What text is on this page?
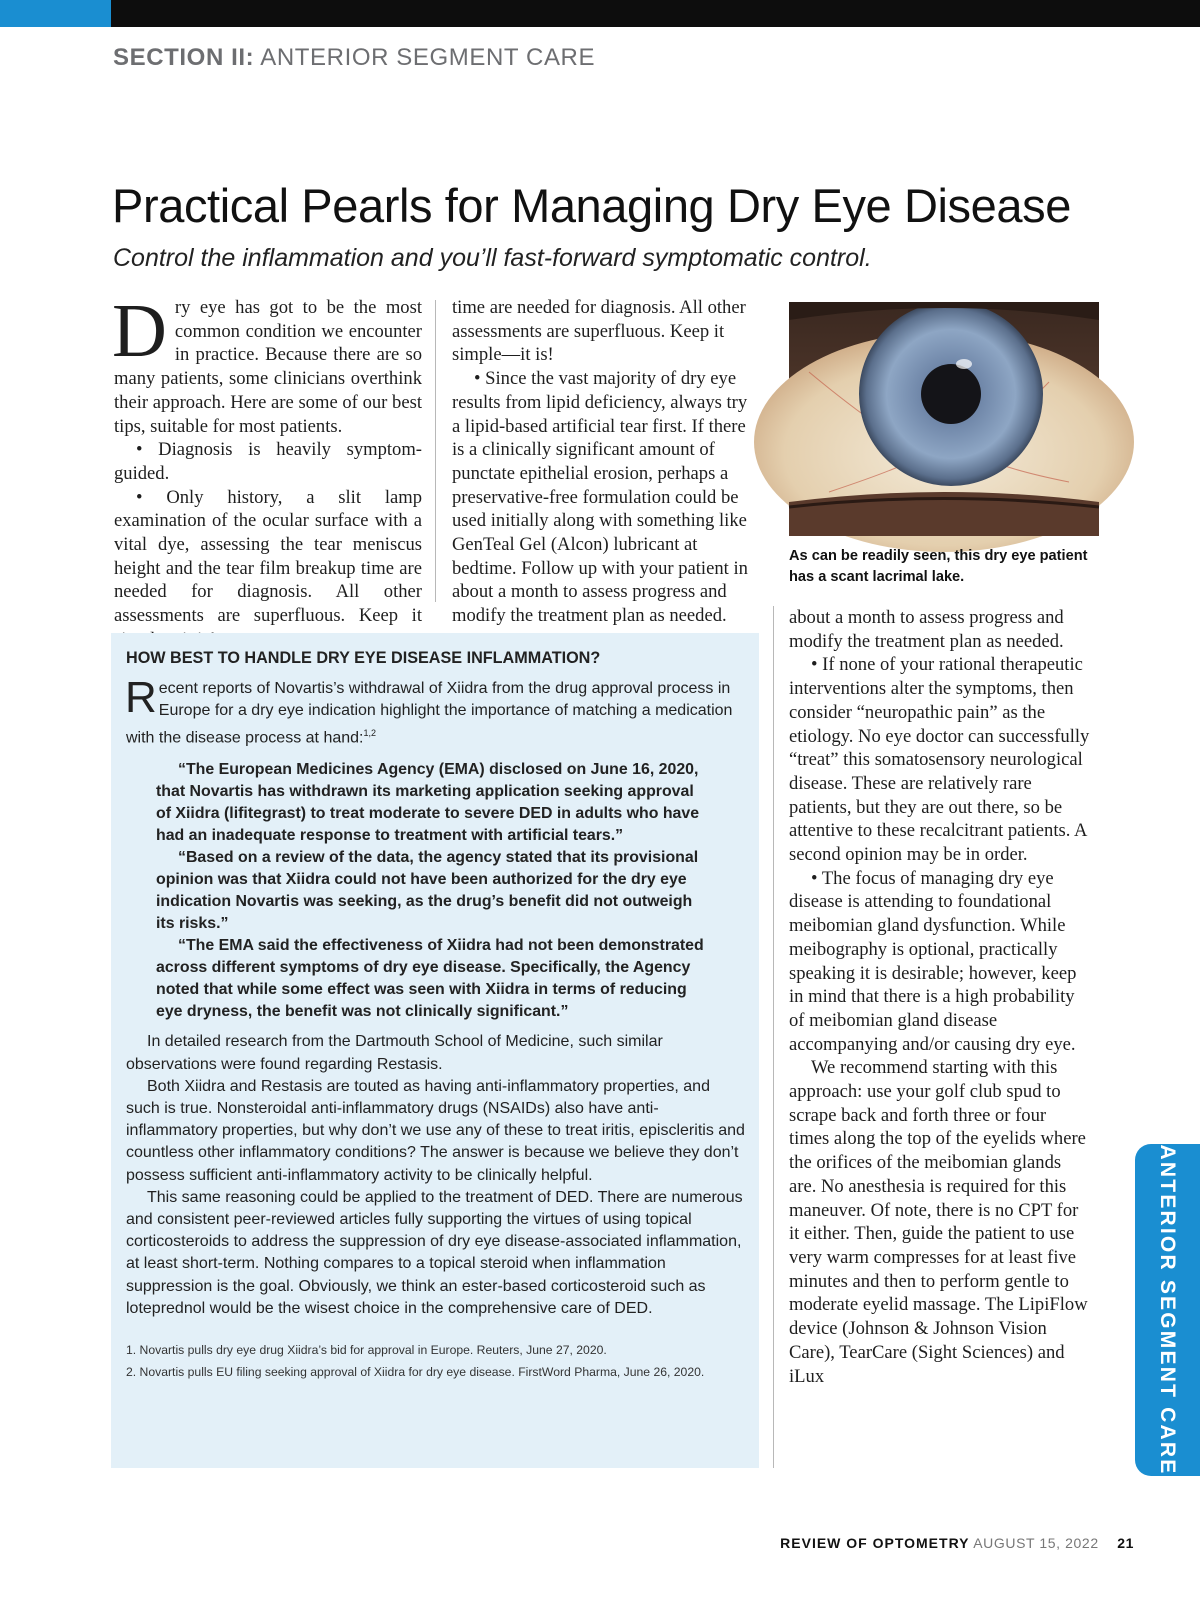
SECTION II: ANTERIOR SEGMENT CARE
Practical Pearls for Managing Dry Eye Disease
Control the inflammation and you’ll fast-forward symptomatic control.

Dry eye has got to be the most common condition we encounter in practice. Because there are so many patients, some clinicians overthink their approach. Here are some of our best tips, suitable for most patients.

• Diagnosis is heavily symptom-guided.

• Only history, a slit lamp examination of the ocular surface with a vital dye, assessing the tear meniscus height and the tear film breakup time are needed for diagnosis. All other assessments are superfluous. Keep it

time are needed for diagnosis. All other assessments are superfluous. Keep it simple—it is!

• Since the vast majority of dry eye results from lipid deficiency, always try a lipid-based artificial tear first. If there is a clinically significant amount of punctate epithelial erosion, perhaps a preservative-free formulation could be used initially along with something like GenTeal Gel (Alcon) lubricant at bedtime. Follow up with your patient in about a month to assess progress and modify the treatment plan as needed.

As can be readily seen, this dry eye patient has a scant lacrimal lake.

about a month to assess progress and modify the treatment plan as needed.

• If none of your rational therapeutic interventions alter the symptoms, then consider “neuropathic pain” as the etiology. No eye doctor can successfully “treat” this somatosensory neurological disease. These are relatively rare patients, but they are out there, so be attentive to these recalcitrant patients. A second opinion may be in order.

• The focus of managing dry eye disease is attending to foundational meibomian gland dysfunction. While meibography is optional, practically speaking it is desirable; however, keep in mind that there is a high probability of meibomian gland disease accompanying and/or causing dry eye.

We recommend starting with this approach: use your golf club spud to scrape back and forth three or four times along the top of the eyelids where the orifices of the meibomian glands are. No anesthesia is required for this maneuver. Of note, there is no CPT for it either. Then, guide the patient to use very warm compresses for at least five minutes and then to perform gentle to moderate eyelid massage. The LipiFlow device (Johnson & Johnson Vision Care), TearCare (Sight Sciences) and iLux

HOW BEST TO HANDLE DRY EYE DISEASE INFLAMMATION?

Recent reports of Novartis’s withdrawal of Xiidra from the drug approval process in Europe for a dry eye indication highlight the importance of matching a medication with the disease process at hand:$^{1,2}$

“The European Medicines Agency (EMA) disclosed on June 16, 2020, that Novartis has withdrawn its marketing application seeking approval of Xiidra (lifitegrast) to treat moderate to severe DED in adults who have had an inadequate response to treatment with artificial tears.”

“Based on a review of the data, the agency stated that its provisional opinion was that Xiidra could not have been authorized for the dry eye indication Novartis was seeking, as the drug’s benefit did not outweigh its risks.”

“The EMA said the effectiveness of Xiidra had not been demonstrated across different symptoms of dry eye disease. Specifically, the Agency noted that while some effect was seen with Xiidra in terms of reducing eye dryness, the benefit was not clinically significant.”

In detailed research from the Dartmouth School of Medicine, such similar observations were found regarding Restasis.

Both Xiidra and Restasis are touted as having anti-inflammatory properties, and such is true. Nonsteroidal anti-inflammatory drugs (NSAIDs) also have anti-inflammatory properties, but why don’t we use any of these to treat iritis, episcleritis and countless other inflammatory conditions? The answer is because we believe they don’t possess sufficient anti-inflammatory activity to be clinically helpful.

This same reasoning could be applied to the treatment of DED. There are numerous and consistent peer-reviewed articles fully supporting the virtues of using topical corticosteroids to address the suppression of dry eye disease-associated inflammation, at least short-term. Nothing compares to a topical steroid when inflammation suppression is the goal. Obviously, we think an ester-based corticosteroid such as loteprednol would be the wisest choice in the comprehensive care of DED.

1. Novartis pulls dry eye drug Xiidra’s bid for approval in Europe. Reuters, June 27, 2020.

2. Novartis pulls EU filing seeking approval of Xiidra for dry eye disease. FirstWord Pharma, June 26, 2020.	ANTERIOR SEGMENT CARE
REVIEW OF OPTOMETRY AUGUST 15, 2022 21
